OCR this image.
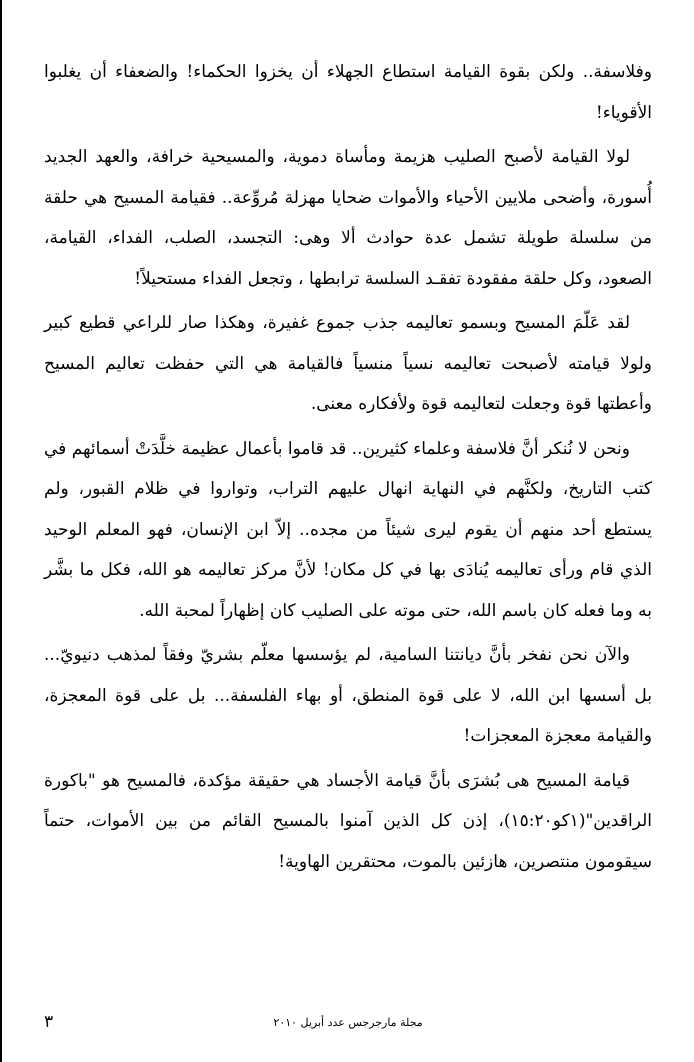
وفلاسفة.. ولكن بقوة القيامة استطاع الجهلاء أن يخزوا الحكماء! والضعفاء أن يغلبوا الأقوياء!

لولا القيامة لأصبح الصليب هزيمة ومأساة دموية، والمسيحية خرافة، والعهد الجديد أُسورة، وأضحى ملايين الأحياء والأموات ضحايا مهزلة مُروِّعة.. فقيامة المسيح هي حلقة من سلسلة طويلة تشمل عدة حوادث ألا وهى: التجسد، الصلب، الفداء، القيامة، الصعود، وكل حلقة مفقودة تفقـد السلسة ترابطها ، وتجعل الفداء مستحيلاً!

لقد عَلّمَ المسيح وبسمو تعاليمه جذب جموع غفيرة، وهكذا صار للراعي قطيع كبير ولولا قيامته لأصبحت تعاليمه نسياً منسياً فالقيامة هي التي حفظت تعاليم المسيح وأعطتها قوة وجعلت لتعاليمه قوة ولأفكاره معنى.

ونحن لا نُنكر أنَّ فلاسفة وعلماء كثيرين.. قد قاموا بأعمال عظيمة خلَّدَتْ أسمائهم في كتب التاريخ، ولكنَّهم في النهاية انهال عليهم التراب، وتواروا في ظلام القبور، ولم يستطع أحد منهم أن يقوم ليرى شيئاً من مجده.. إلاّ ابن الإنسان، فهو المعلم الوحيد الذي قام ورأى تعاليمه يُنادَى بها في كل مكان! لأنَّ مركز تعاليمه هو الله، فكل ما بشَّر به وما فعله كان باسم الله، حتى موته على الصليب كان إظهاراً لمحبة الله.

والآن نحن نفخر بأنَّ ديانتنا السامية، لم يؤسسها معلّم بشريّ وفقاً لمذهب دنيويّ... بل أسسها ابن الله، لا على قوة المنطق، أو بهاء الفلسفة... بل على قوة المعجزة، والقيامة معجزة المعجزات!

قيامة المسيح هى بُشرَى بأنَّ قيامة الأجساد هي حقيقة مؤكدة، فالمسيح هو "باكورة الراقدين"(١كو١٥:٢٠)، إذن كل الذين آمنوا بالمسيح القائم من بين الأموات، حتماً سيقومون منتصرين، هازئين بالموت، محتقرين الهاوية!

٣	مجلة مارجرجس عدد أبريل ٢٠١٠
